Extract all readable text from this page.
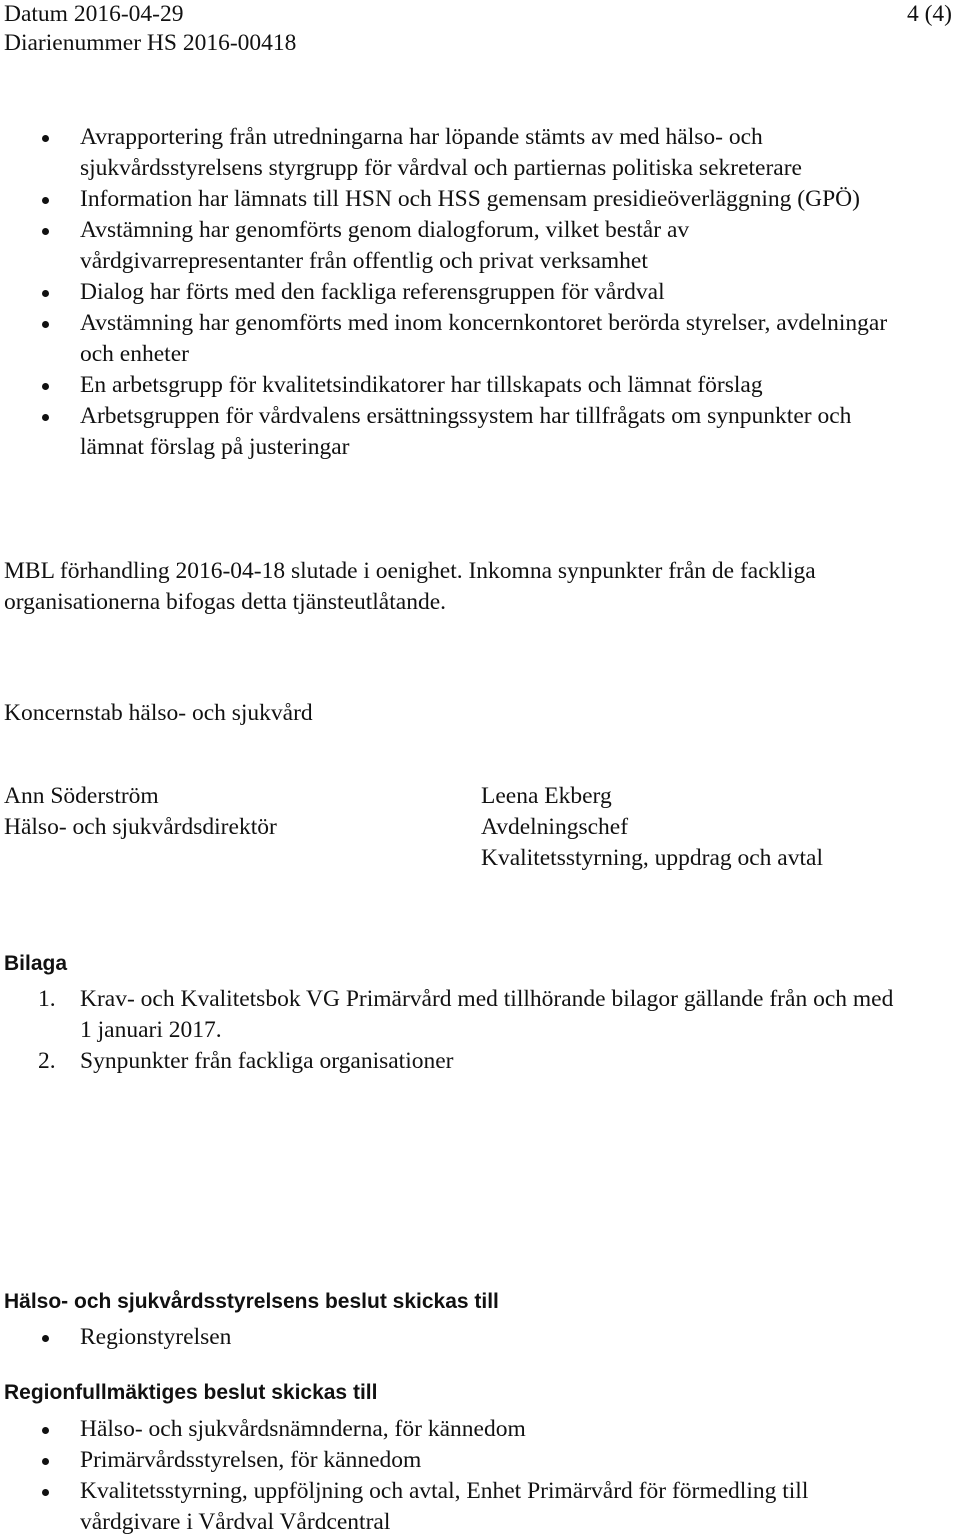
Datum 2016-04-29
Diarienummer HS 2016-00418
4 (4)
Avrapportering från utredningarna har löpande stämts av med hälso- och sjukvårdsstyrelsens styrgrupp för vårdval och partiernas politiska sekreterare
Information har lämnats till HSN och HSS gemensam presidieöverläggning (GPÖ)
Avstämning har genomförts genom dialogforum, vilket består av vårdgivarrepresentanter från offentlig och privat verksamhet
Dialog har förts med den fackliga referensgruppen för vårdval
Avstämning har genomförts med inom koncernkontoret berörda styrelser, avdelningar och enheter
En arbetsgrupp för kvalitetsindikatorer har tillskapats och lämnat förslag
Arbetsgruppen för vårdvalens ersättningssystem har tillfrågats om synpunkter och lämnat förslag på justeringar

MBL förhandling 2016-04-18 slutade i oenighet. Inkomna synpunkter från de fackliga organisationerna bifogas detta tjänsteutlåtande.

Koncernstab hälso- och sjukvård

Ann Söderström
Hälso- och sjukvårdsdirektör
Leena Ekberg
Avdelningschef
Kvalitetsstyrning, uppdrag och avtal
Bilaga
1. Krav- och Kvalitetsbok VG Primärvård med tillhörande bilagor gällande från och med 1 januari 2017.
2. Synpunkter från fackliga organisationer
Hälso- och sjukvårdsstyrelsens beslut skickas till
Regionstyrelsen
Regionfullmäktiges beslut skickas till
Hälso- och sjukvårdsnämnderna, för kännedom
Primärvårdsstyrelsen, för kännedom
Kvalitetsstyrning, uppföljning och avtal, Enhet Primärvård för förmedling till vårdgivare i Vårdval Vårdcentral
